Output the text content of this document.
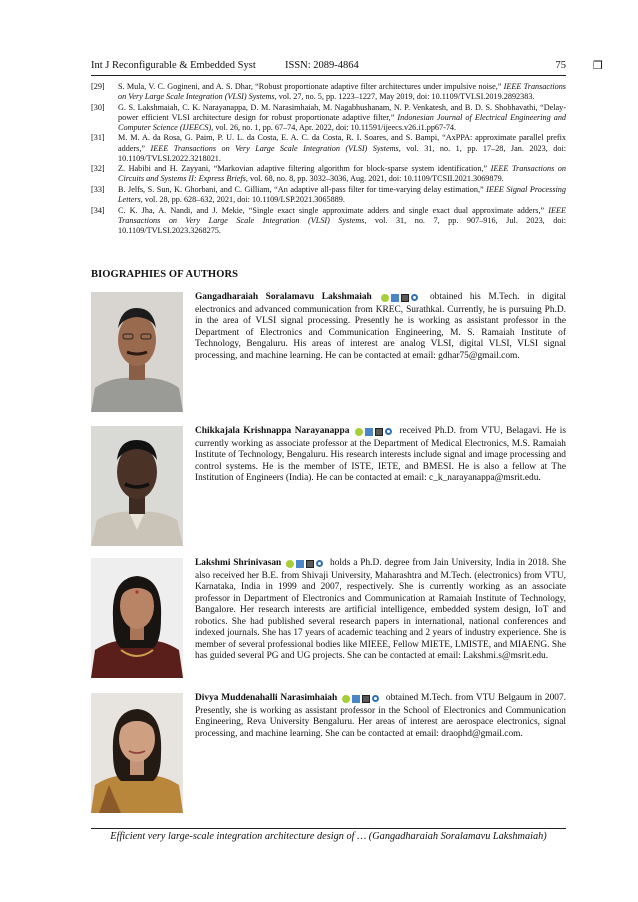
Int J Reconfigurable & Embedded Syst	ISSN: 2089-4864	❒
75
[29] S. Mula, V. C. Gogineni, and A. S. Dhar, “Robust proportionate adaptive filter architectures under impulsive noise,” IEEE Transactions on Very Large Scale Integration (VLSI) Systems, vol. 27, no. 5, pp. 1223–1227, May 2019, doi: 10.1109/TVLSI.2019.2892383.
[30] G. S. Lakshmaiah, C. K. Narayanappa, D. M. Narasimhaiah, M. Nagabhushanam, N. P. Venkatesh, and B. D. S. Shobhavathi, “Delay-power efficient VLSI architecture design for robust proportionate adaptive filter,” Indonesian Journal of Electrical Engineering and Computer Science (IJEECS), vol. 26, no. 1, pp. 67–74, Apr. 2022, doi: 10.11591/ijeecs.v26.i1.pp67-74.
[31] M. M. A. da Rosa, G. Paim, P. U. L. da Costa, E. A. C. da Costa, R. I. Soares, and S. Bampi, “AxPPA: approximate parallel prefix adders,” IEEE Transactions on Very Large Scale Integration (VLSI) Systems, vol. 31, no. 1, pp. 17–28, Jan. 2023, doi: 10.1109/TVLSI.2022.3218021.
[32] Z. Habibi and H. Zayyani, “Markovian adaptive filtering algorithm for block-sparse system identification,” IEEE Transactions on Circuits and Systems II: Express Briefs, vol. 68, no. 8, pp. 3032–3036, Aug. 2021, doi: 10.1109/TCSII.2021.3069879.
[33] B. Jelfs, S. Sun, K. Ghorbani, and C. Gilliam, “An adaptive all-pass filter for time-varying delay estimation,” IEEE Signal Processing Letters, vol. 28, pp. 628–632, 2021, doi: 10.1109/LSP.2021.3065889.
[34] C. K. Jha, A. Nandi, and J. Mekie, “Single exact single approximate adders and single exact dual approximate adders,” IEEE Transactions on Very Large Scale Integration (VLSI) Systems, vol. 31, no. 7, pp. 907–916, Jul. 2023, doi: 10.1109/TVLSI.2023.3268275.
BIOGRAPHIES OF AUTHORS
Gangadharaiah Soralamavu Lakshmaiah	obtained his M.Tech. in digital electronics and advanced communication from KREC, Surathkal. Currently, he is pursuing Ph.D. in the area of VLSI signal processing. Presently he is working as assistant professor in the Department of Electronics and Communication Engineering, M. S. Ramaiah Institute of Technology, Bengaluru. His areas of interest are analog VLSI, digital VLSI, VLSI signal processing, and machine learning. He can be contacted at email: gdhar75@gmail.com.
Chikkajala Krishnappa Narayanappa	received Ph.D. from VTU, Belagavi. He is currently working as associate professor at the Department of Medical Electronics, M.S. Ramaiah Institute of Technology, Bengaluru. His research interests include signal and image processing and control systems. He is the member of ISTE, IETE, and BMESI. He is also a fellow at The Institution of Engineers (India). He can be contacted at email: c_k_narayanappa@msrit.edu.
Lakshmi Shrinivasan	holds a Ph.D. degree from Jain University, India in 2018. She also received her B.E. from Shivaji University, Maharashtra and M.Tech. (electronics) from VTU, Karnataka, India in 1999 and 2007, respectively. She is currently working as an associate professor in Department of Electronics and Communication at Ramaiah Institute of Technology, Bangalore. Her research interests are artificial intelligence, embedded system design, IoT and robotics. She had published several research papers in international, national conferences and indexed journals. She has 17 years of academic teaching and 2 years of industry experience. She is member of several professional bodies like MIEEE, Fellow MIETE, LMISTE, and MIAENG. She has guided several PG and UG projects. She can be contacted at email: Lakshmi.s@msrit.edu.
Divya Muddenahalli Narasimhaiah	obtained M.Tech. from VTU Belgaum in 2007. Presently, she is working as assistant professor in the School of Electronics and Communication Engineering, Reva University Bengaluru. Her areas of interest are aerospace electronics, signal processing, and machine learning. She can be contacted at email: draophd@gmail.com.
Efficient very large-scale integration architecture design of … (Gangadharaiah Soralamavu Lakshmaiah)
